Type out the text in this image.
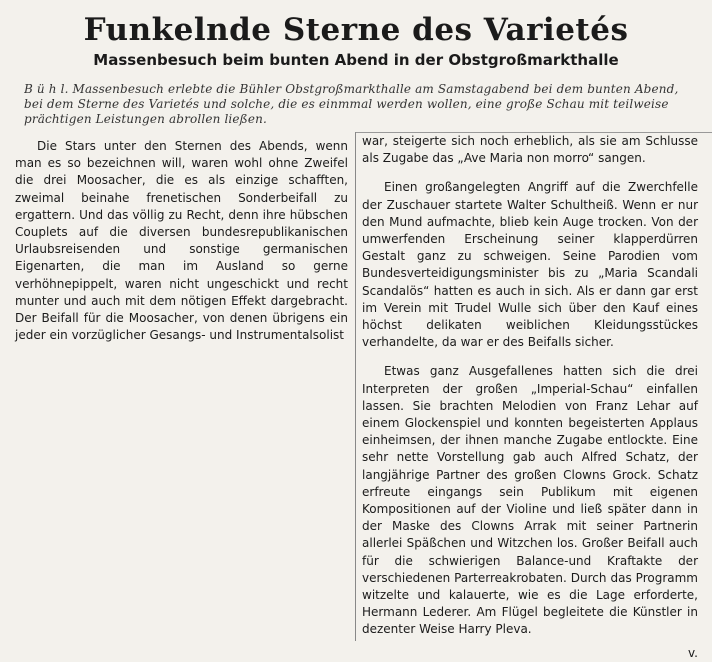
Funkelnde Sterne des Varietés
Massenbesuch beim bunten Abend in der Obstgroßmarkthalle
B ü h l. Massenbesuch erlebte die Bühler Obstgroßmarkthalle am Samstagabend bei dem bunten Abend,
bei dem Sterne des Varietés und solche, die es einmmal werden wollen, eine große Schau mit teilweise
prächtigen Leistungen abrollen ließen.

Die Stars unter den Sternen des Abends, wenn man es so bezeichnen will, waren wohl ohne Zweifel die drei Moosacher, die es als einzige schafften, zweimal beinahe frenetischen Sonderbeifall zu ergattern. Und das völlig zu Recht, denn ihre hübschen Couplets auf die diversen bundesrepublikanischen Urlaubsreisenden und sonstige germanischen Eigenarten, die man im Ausland so gerne verhöhnepippelt, waren nicht ungeschickt und recht munter und auch mit dem nötigen Effekt dargebracht. Der Beifall für die Moosacher, von denen übrigens ein jeder ein vorzüglicher Gesangs- und Instrumentalsolist

war, steigerte sich noch erheblich, als sie am Schlusse als Zugabe das „Ave Maria non morro“ sangen.

Einen großangelegten Angriff auf die Zwerchfelle der Zuschauer startete Walter Schultheiß. Wenn er nur den Mund aufmachte, blieb kein Auge trocken. Von der umwerfenden Erscheinung seiner klapperdürren Gestalt ganz zu schweigen. Seine Parodien vom Bundesverteidigungsminister bis zu „Maria Scandali Scandalös“ hatten es auch in sich. Als er dann gar erst im Verein mit Trudel Wulle sich über den Kauf eines höchst delikaten weiblichen Kleidungsstückes verhandelte, da war er des Beifalls sicher.

Etwas ganz Ausgefallenes hatten sich die drei Interpreten der großen „Imperial-Schau“ einfallen lassen. Sie brachten Melodien von Franz Lehar auf einem Glockenspiel und konnten begeisterten Applaus einheimsen, der ihnen manche Zugabe entlockte. Eine sehr nette Vorstellung gab auch Alfred Schatz, der langjährige Partner des großen Clowns Grock. Schatz erfreute eingangs sein Publikum mit eigenen Kompositionen auf der Violine und ließ später dann in der Maske des Clowns Arrak mit seiner Partnerin allerlei Späßchen und Witzchen los. Großer Beifall auch für die schwierigen Balance-und Kraftakte der verschiedenen Parterreakrobaten. Durch das Programm witzelte und kalauerte, wie es die Lage erforderte, Hermann Lederer. Am Flügel begleitete die Künstler in dezenter Weise Harry Pleva.

v.
